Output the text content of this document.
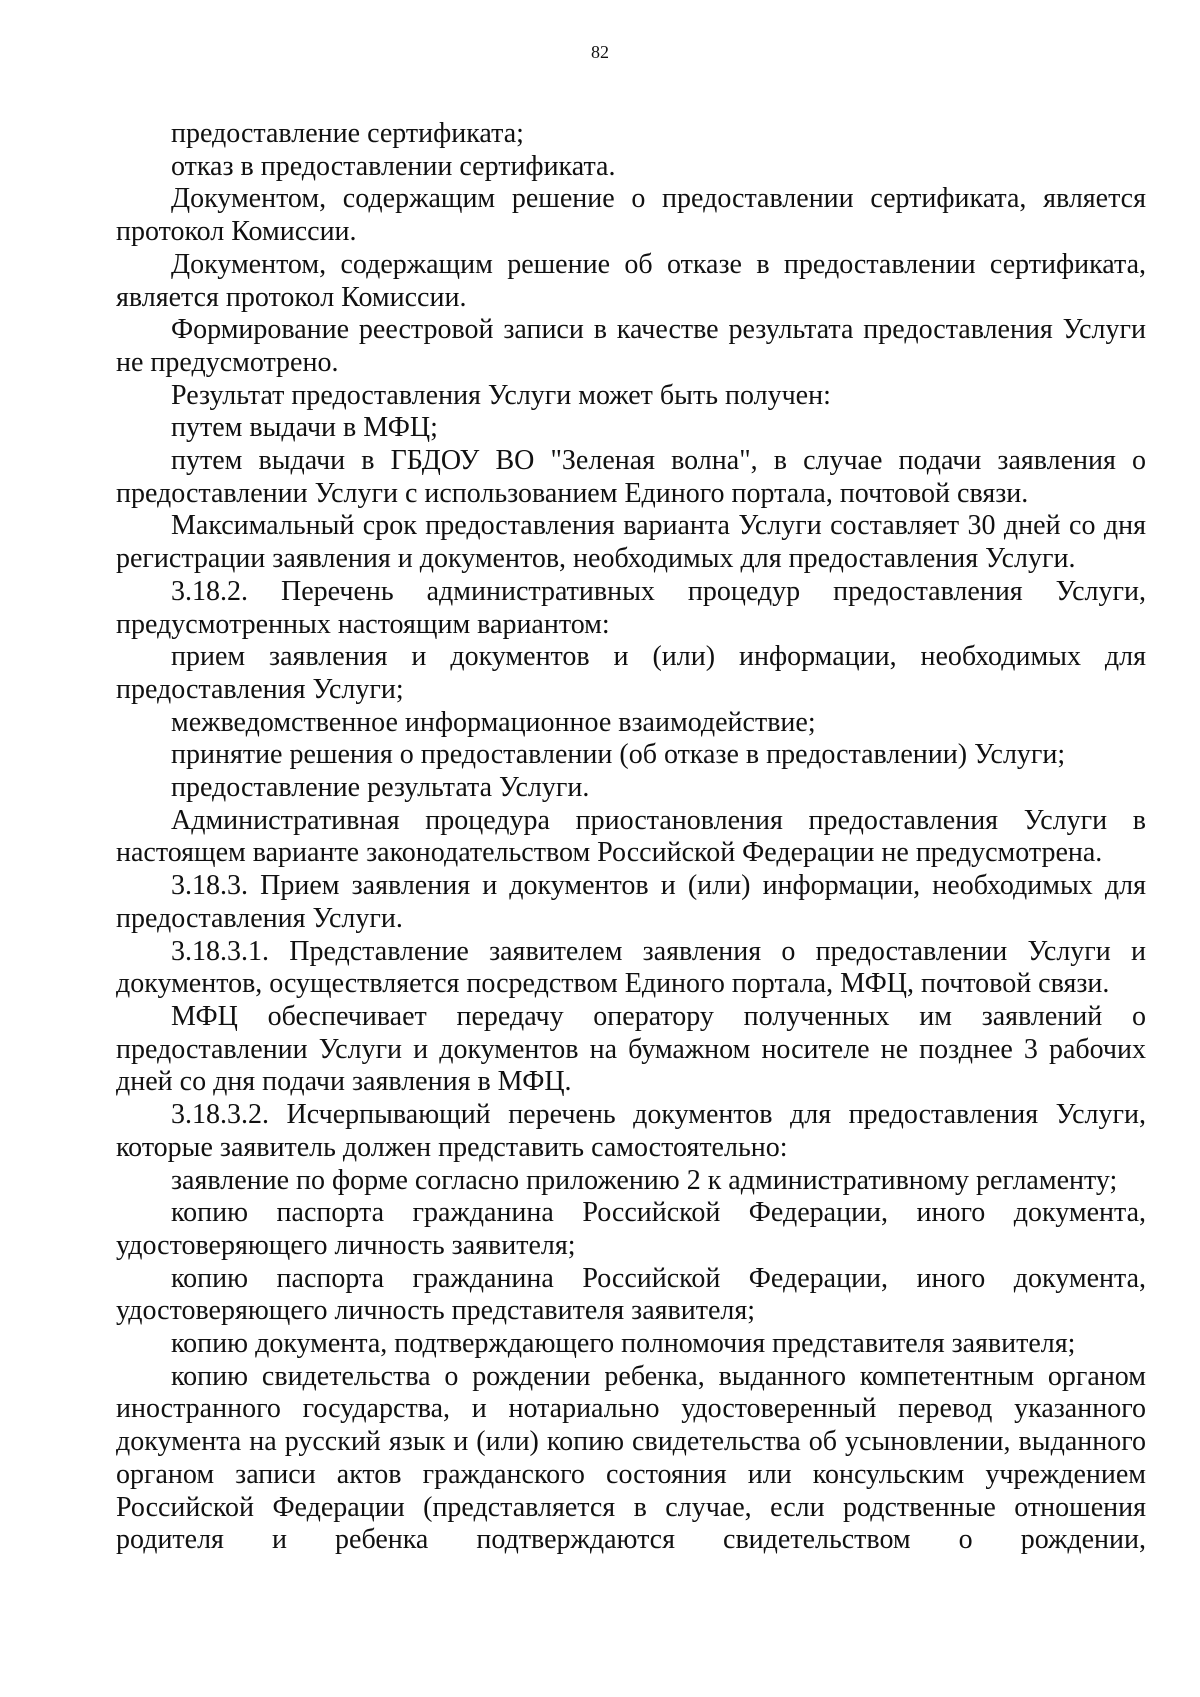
82

предоставление сертификата;

отказ в предоставлении сертификата.

Документом, содержащим решение о предоставлении сертификата, является протокол Комиссии.

Документом, содержащим решение об отказе в предоставлении сертификата, является протокол Комиссии.

Формирование реестровой записи в качестве результата предоставления Услуги не предусмотрено.

Результат предоставления Услуги может быть получен:

путем выдачи в МФЦ;

путем выдачи в ГБДОУ ВО "Зеленая волна", в случае подачи заявления о предоставлении Услуги с использованием Единого портала, почтовой связи.

Максимальный срок предоставления варианта Услуги составляет 30 дней со дня регистрации заявления и документов, необходимых для предоставления Услуги.

3.18.2. Перечень административных процедур предоставления Услуги, предусмотренных настоящим вариантом:

прием заявления и документов и (или) информации, необходимых для предоставления Услуги;

межведомственное информационное взаимодействие;

принятие решения о предоставлении (об отказе в предоставлении) Услуги;

предоставление результата Услуги.

Административная процедура приостановления предоставления Услуги в настоящем варианте законодательством Российской Федерации не предусмотрена.

3.18.3. Прием заявления и документов и (или) информации, необходимых для предоставления Услуги.

3.18.3.1. Представление заявителем заявления о предоставлении Услуги и документов, осуществляется посредством Единого портала, МФЦ, почтовой связи.

МФЦ обеспечивает передачу оператору полученных им заявлений о предоставлении Услуги и документов на бумажном носителе не позднее 3 рабочих дней со дня подачи заявления в МФЦ.

3.18.3.2. Исчерпывающий перечень документов для предоставления Услуги, которые заявитель должен представить самостоятельно:

заявление по форме согласно приложению 2 к административному регламенту;

копию паспорта гражданина Российской Федерации, иного документа, удостоверяющего личность заявителя;

копию паспорта гражданина Российской Федерации, иного документа, удостоверяющего личность представителя заявителя;

копию документа, подтверждающего полномочия представителя заявителя;

копию свидетельства о рождении ребенка, выданного компетентным органом иностранного государства, и нотариально удостоверенный перевод указанного документа на русский язык и (или) копию свидетельства об усыновлении, выданного органом записи актов гражданского состояния или консульским учреждением Российской Федерации (представляется в случае, если родственные отношения родителя и ребенка подтверждаются свидетельством о рождении,
